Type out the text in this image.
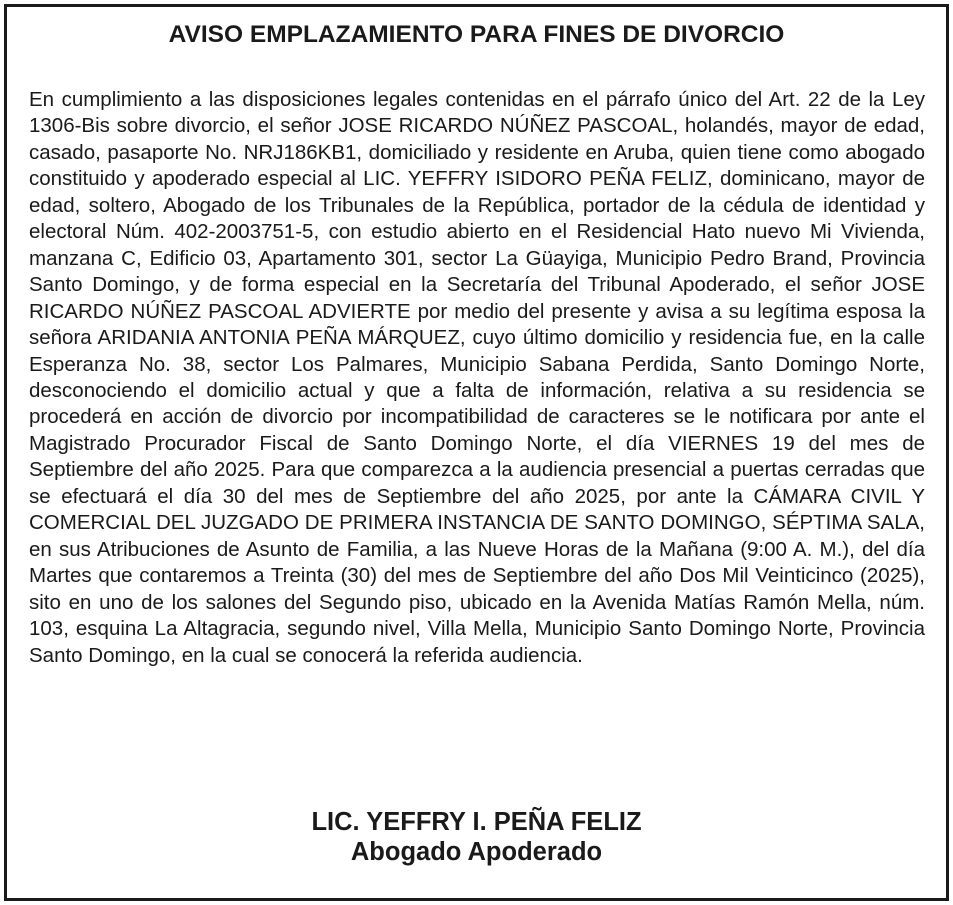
AVISO EMPLAZAMIENTO PARA FINES DE DIVORCIO

En cumplimiento a las disposiciones legales contenidas en el párrafo único del Art. 22 de la Ley 1306-Bis sobre divorcio, el señor JOSE RICARDO NÚÑEZ PASCOAL, holandés, mayor de edad, casado, pasaporte No. NRJ186KB1, domiciliado y residente en Aruba, quien tiene como abogado constituido y apoderado especial al LIC. YEFFRY ISIDORO PEÑA FELIZ, dominicano, mayor de edad, soltero, Abogado de los Tribunales de la República, portador de la cédula de identidad y electoral Núm. 402-2003751-5, con estudio abierto en el Residencial Hato nuevo Mi Vivienda, manzana C, Edificio 03, Apartamento 301, sector La Güayiga, Municipio Pedro Brand, Provincia Santo Domingo, y de forma especial en la Secretaría del Tribunal Apoderado, el señor JOSE RICARDO NÚÑEZ PASCOAL ADVIERTE por medio del presente y avisa a su legítima esposa la señora ARIDANIA ANTONIA PEÑA MÁRQUEZ, cuyo último domicilio y residencia fue, en la calle Esperanza No. 38, sector Los Palmares, Municipio Sabana Perdida, Santo Domingo Norte, desconociendo el domicilio actual y que a falta de información, relativa a su residencia se procederá en acción de divorcio por incompatibilidad de caracteres se le notificara por ante el Magistrado Procurador Fiscal de Santo Domingo Norte, el día VIERNES 19 del mes de Septiembre del año 2025. Para que comparezca a la audiencia presencial a puertas cerradas que se efectuará el día 30 del mes de Septiembre del año 2025, por ante la CÁMARA CIVIL Y COMERCIAL DEL JUZGADO DE PRIMERA INSTANCIA DE SANTO DOMINGO, SÉPTIMA SALA, en sus Atribuciones de Asunto de Familia, a las Nueve Horas de la Mañana (9:00 A. M.), del día Martes que contaremos a Treinta (30) del mes de Septiembre del año Dos Mil Veinticinco (2025), sito en uno de los salones del Segundo piso, ubicado en la Avenida Matías Ramón Mella, núm. 103, esquina La Altagracia, segundo nivel, Villa Mella, Municipio Santo Domingo Norte, Provincia Santo Domingo, en la cual se conocerá la referida audiencia.

LIC. YEFFRY I. PEÑA FELIZ
Abogado Apoderado
